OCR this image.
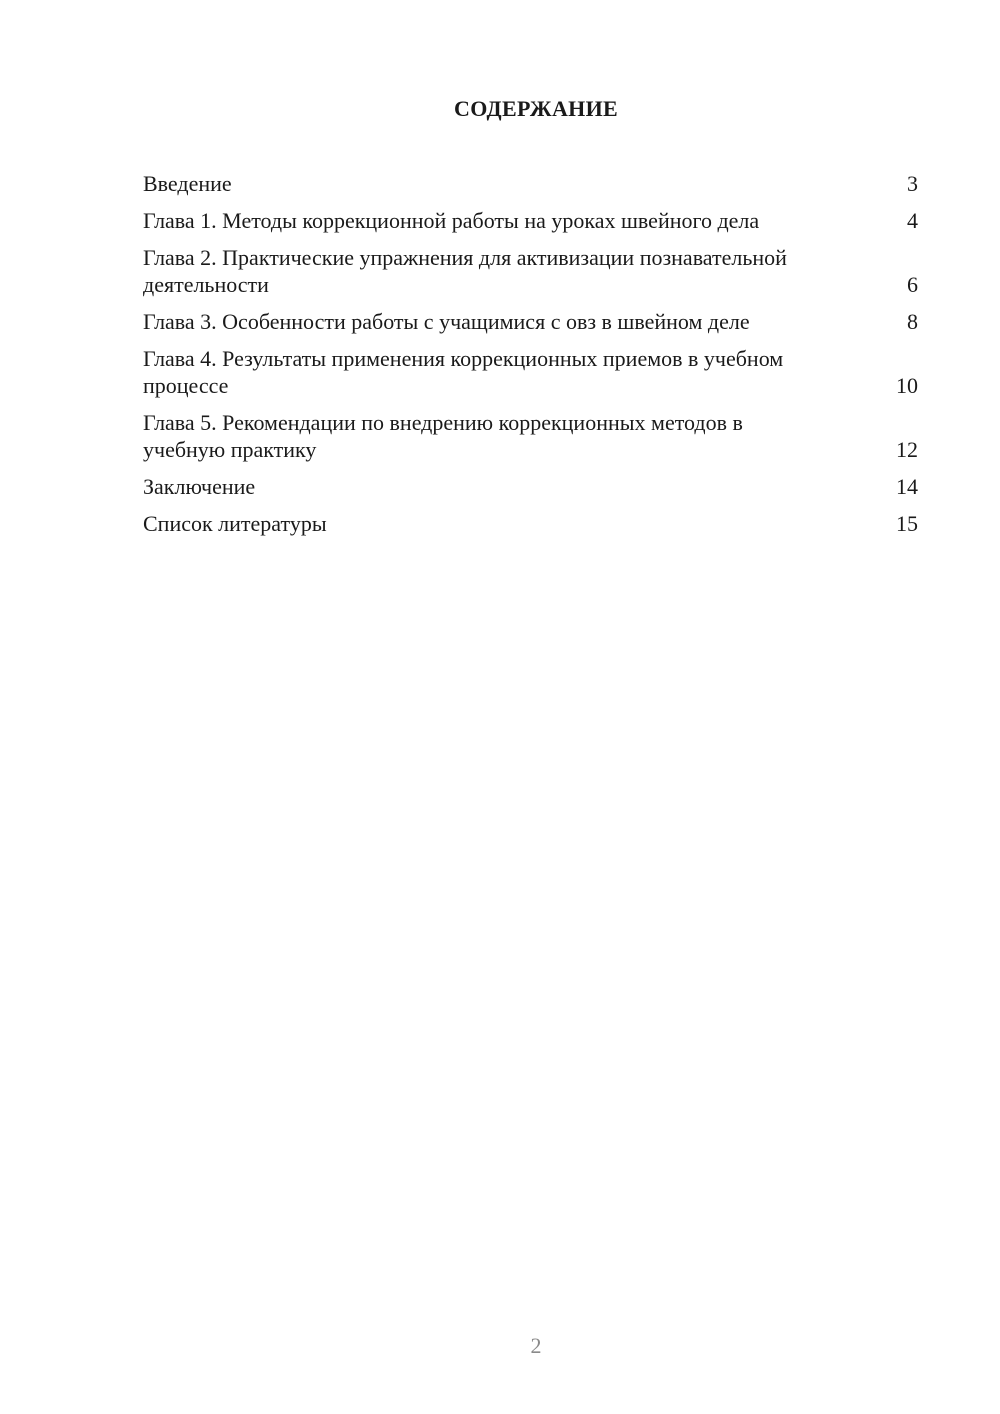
СОДЕРЖАНИЕ
Введение	3
Глава 1. Методы коррекционной работы на уроках швейного дела	4
Глава 2. Практические упражнения для активизации познавательной деятельности	6
Глава 3. Особенности работы с учащимися с овз в швейном деле	8
Глава 4. Результаты применения коррекционных приемов в учебном процессе	10
Глава 5. Рекомендации по внедрению коррекционных методов в учебную практику	12
Заключение	14
Список литературы	15
2
